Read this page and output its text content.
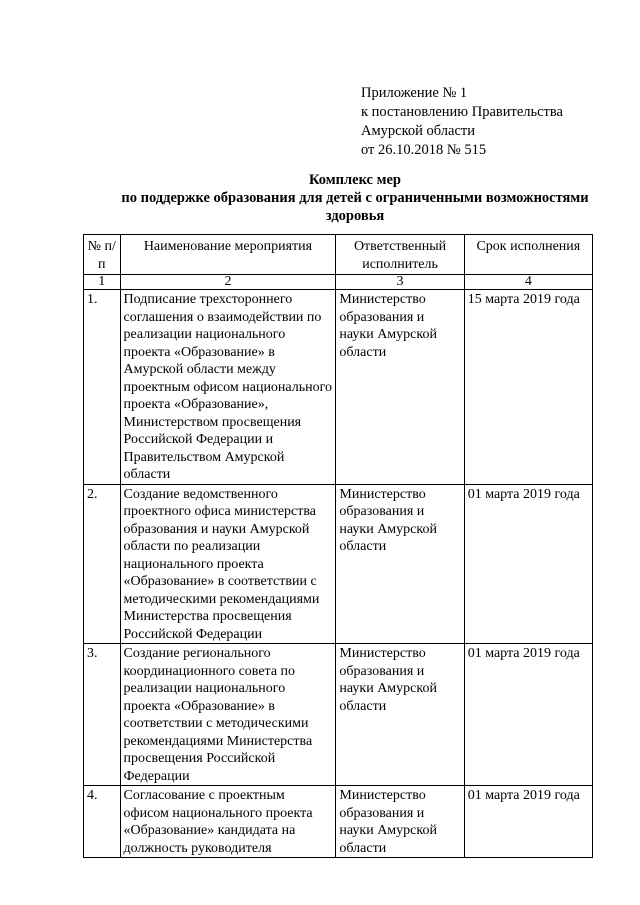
Приложение № 1
к постановлению Правительства
Амурской области
от 26.10.2018 № 515
Комплекс мер
по поддержке образования для детей с ограниченными возможностями
здоровья
№ п/п	Наименование мероприятия	Ответственный исполнитель	Срок исполнения
1	2	3	4
1.	Подписание трехстороннего соглашения о взаимодействии по реализации национального проекта «Образование» в Амурской области между проектным офисом национального проекта «Образование», Министерством просвещения Российской Федерации и Правительством Амурской области	Министерство образования и науки Амурской области	15 марта 2019 года
2.	Создание ведомственного проектного офиса министерства образования и науки Амурской области по реализации национального проекта «Образование» в соответствии с методическими рекомендациями Министерства просвещения Российской Федерации	Министерство образования и науки Амурской области	01 марта 2019 года
3.	Создание регионального координационного совета по реализации национального проекта «Образование» в соответствии с методическими рекомендациями Министерства просвещения Российской Федерации	Министерство образования и науки Амурской области	01 марта 2019 года
4.	Согласование с проектным офисом национального проекта «Образование» кандидата на должность руководителя	Министерство образования и науки Амурской области	01 марта 2019 года
